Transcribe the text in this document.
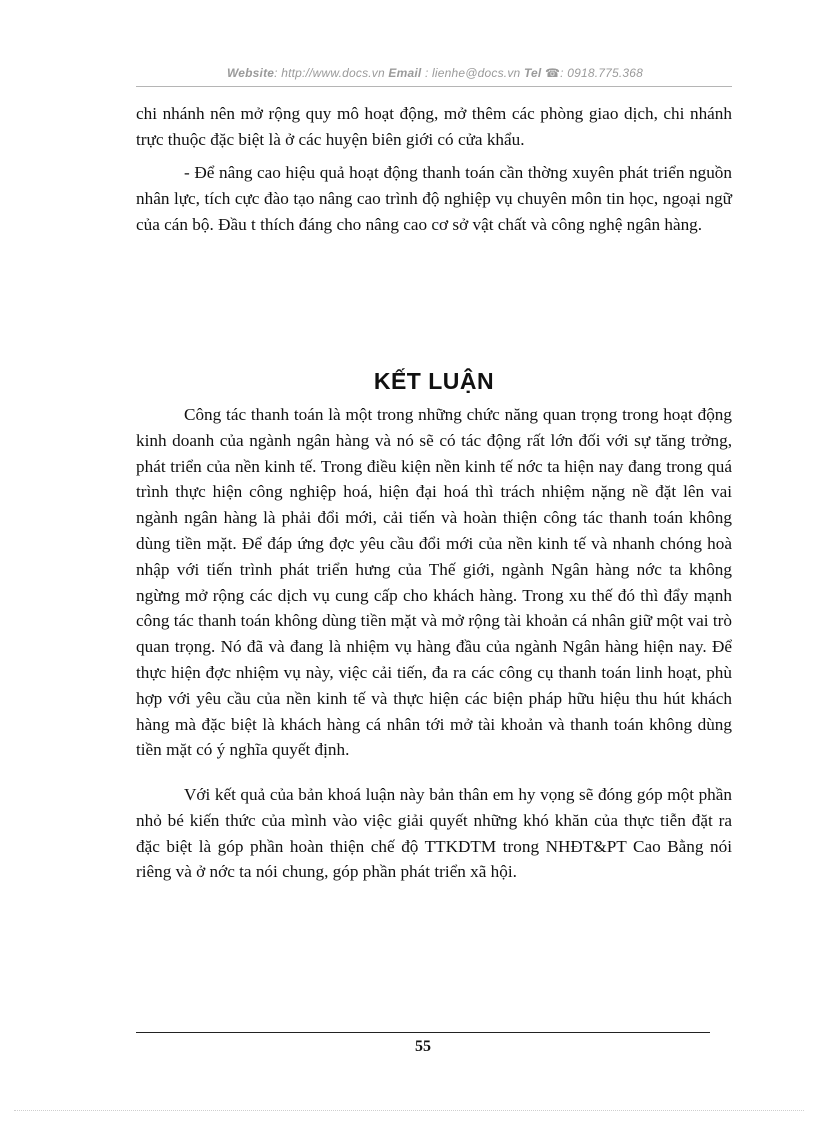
Website: http://www.docs.vn Email : lienhe@docs.vn Tel ☎: 0918.775.368

chi nhánh nên mở rộng quy mô hoạt động, mở thêm các phòng giao dịch, chi nhánh trực thuộc đặc biệt là ở các huyện biên giới có cửa khẩu.

- Để nâng cao hiệu quả hoạt động thanh toán cần thờng xuyên phát triển nguồn nhân lực, tích cực đào tạo nâng cao trình độ nghiệp vụ chuyên môn tin học, ngoại ngữ của cán bộ. Đầu t thích đáng cho nâng cao cơ sở vật chất và công nghệ ngân hàng.

KẾT LUẬN

Công tác thanh toán là một trong những chức năng quan trọng trong hoạt động kinh doanh của ngành ngân hàng và nó sẽ có tác động rất lớn đối với sự tăng trởng, phát triển của nền kinh tế. Trong điều kiện nền kinh tế nớc ta hiện nay đang trong quá trình thực hiện công nghiệp hoá, hiện đại hoá thì trách nhiệm nặng nề đặt lên vai ngành ngân hàng là phải đổi mới, cải tiến và hoàn thiện công tác thanh toán không dùng tiền mặt. Để đáp ứng đợc yêu cầu đổi mới của nền kinh tế và nhanh chóng hoà nhập với tiến trình phát triển hưng của Thế giới, ngành Ngân hàng nớc ta không ngừng mở rộng các dịch vụ cung cấp cho khách hàng. Trong xu thế đó thì đẩy mạnh công tác thanh toán không dùng tiền mặt và mở rộng tài khoản cá nhân giữ một vai trò quan trọng. Nó đã và đang là nhiệm vụ hàng đầu của ngành Ngân hàng hiện nay. Để thực hiện đợc nhiệm vụ này, việc cải tiến, đa ra các công cụ thanh toán linh hoạt, phù hợp với yêu cầu của nền kinh tế và thực hiện các biện pháp hữu hiệu thu hút khách hàng mà đặc biệt là khách hàng cá nhân tới mở tài khoản và thanh toán không dùng tiền mặt có ý nghĩa quyết định.

Với kết quả của bản khoá luận này bản thân em hy vọng sẽ đóng góp một phần nhỏ bé kiến thức của mình vào việc giải quyết những khó khăn của thực tiễn đặt ra đặc biệt là góp phần hoàn thiện chế độ TTKDTM trong NHĐT&PT Cao Bằng nói riêng và ở nớc ta nói chung, góp phần phát triển xã hội.

55
